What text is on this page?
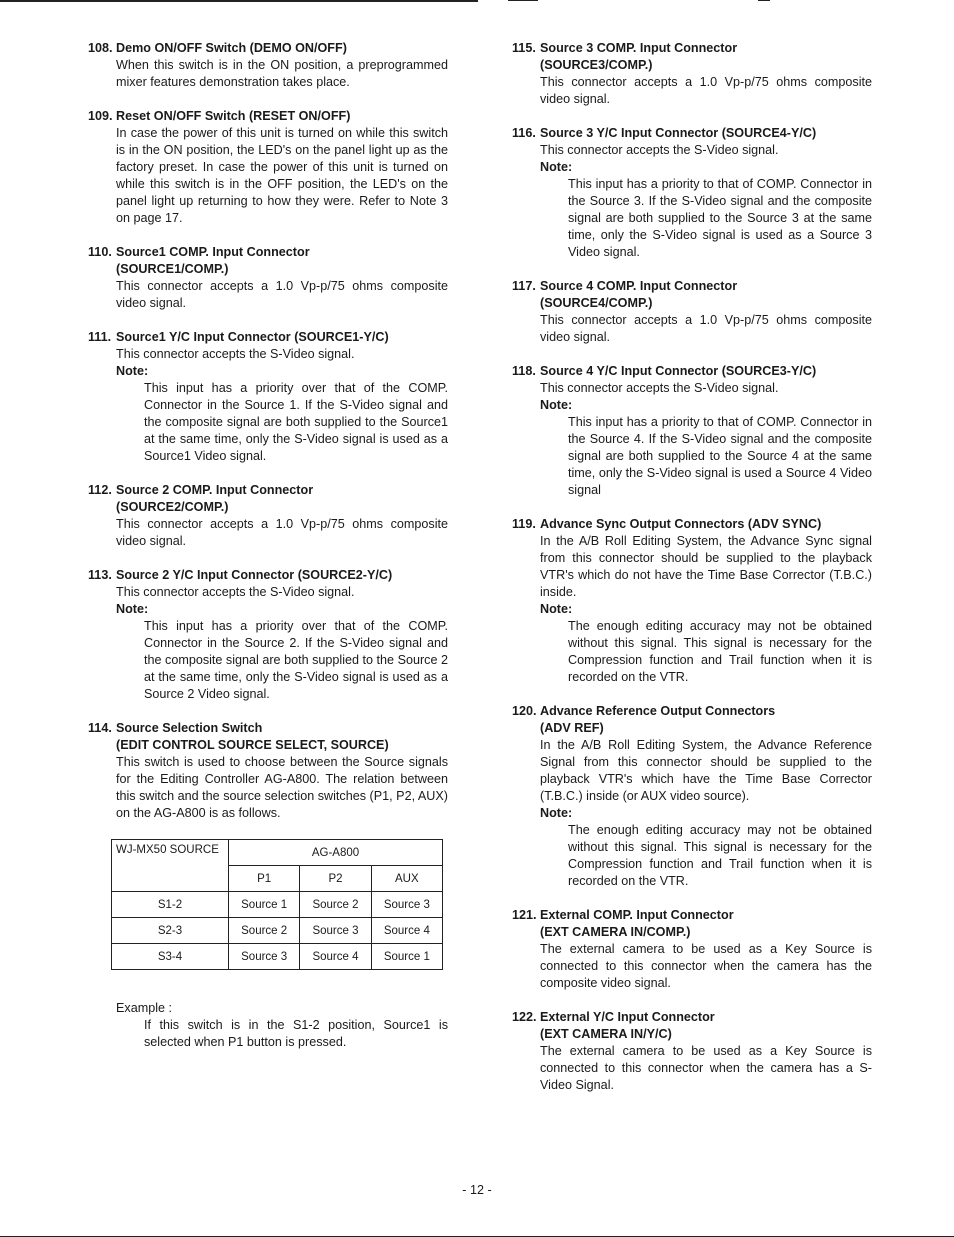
108. Demo ON/OFF Switch (DEMO ON/OFF)

When this switch is in the ON position, a preprogrammed mixer features demonstration takes place.

109. Reset ON/OFF Switch (RESET ON/OFF)

In case the power of this unit is turned on while this switch is in the ON position, the LED's on the panel light up as the factory preset. In case the power of this unit is turned on while this switch is in the OFF position, the LED's on the panel light up returning to how they were. Refer to Note 3 on page 17.

110. Source1 COMP. Input Connector
(SOURCE1/COMP.)

This connector accepts a 1.0 Vp-p/75 ohms composite video signal.

111. Source1 Y/C Input Connector (SOURCE1-Y/C)

This connector accepts the S-Video signal.

Note:

This input has a priority over that of the COMP. Connector in the Source 1. If the S-Video signal and the composite signal are both supplied to the Source1 at the same time, only the S-Video signal is used as a Source1 Video signal.

112. Source 2 COMP. Input Connector
(SOURCE2/COMP.)

This connector accepts a 1.0 Vp-p/75 ohms composite video signal.

113. Source 2 Y/C Input Connector (SOURCE2-Y/C)

This connector accepts the S-Video signal.

Note:

This input has a priority over that of the COMP. Connector in the Source 2. If the S-Video signal and the composite signal are both supplied to the Source 2 at the same time, only the S-Video signal is used as a Source 2 Video signal.

114. Source Selection Switch
(EDIT CONTROL SOURCE SELECT, SOURCE)

This switch is used to choose between the Source signals for the Editing Controller AG-A800. The relation between this switch and the source selection switches (P1, P2, AUX) on the AG-A800 is as follows.

WJ-MX50 SOURCE	AG-A800		
	P1	P2	AUX
S1-2	Source 1	Source 2	Source 3
S2-3	Source 2	Source 3	Source 4
S3-4	Source 3	Source 4	Source 1

Example :

If this switch is in the S1-2 position, Source1 is selected when P1 button is pressed.

115. Source 3 COMP. Input Connector
(SOURCE3/COMP.)

This connector accepts a 1.0 Vp-p/75 ohms composite video signal.

116. Source 3 Y/C Input Connector (SOURCE4-Y/C)

This connector accepts the S-Video signal.

Note:

This input has a priority to that of COMP. Connector in the Source 3. If the S-Video signal and the composite signal are both supplied to the Source 3 at the same time, only the S-Video signal is used as a Source 3 Video signal.

117. Source 4 COMP. Input Connector
(SOURCE4/COMP.)

This connector accepts a 1.0 Vp-p/75 ohms composite video signal.

118. Source 4 Y/C Input Connector (SOURCE3-Y/C)

This connector accepts the S-Video signal.

Note:

This input has a priority to that of COMP. Connector in the Source 4. If the S-Video signal and the composite signal are both supplied to the Source 4 at the same time, only the S-Video signal is used a Source 4 Video signal

119. Advance Sync Output Connectors (ADV SYNC)

In the A/B Roll Editing System, the Advance Sync signal from this connector should be supplied to the playback VTR's which do not have the Time Base Corrector (T.B.C.) inside.

Note:

The enough editing accuracy may not be obtained without this signal. This signal is necessary for the Compression function and Trail function when it is recorded on the VTR.

120. Advance Reference Output Connectors
(ADV REF)

In the A/B Roll Editing System, the Advance Reference Signal from this connector should be supplied to the playback VTR's which have the Time Base Corrector (T.B.C.) inside (or AUX video source).

Note:

The enough editing accuracy may not be obtained without this signal. This signal is necessary for the Compression function and Trail function when it is recorded on the VTR.

121. External COMP. Input Connector
(EXT CAMERA IN/COMP.)

The external camera to be used as a Key Source is connected to this connector when the camera has the composite video signal.

122. External Y/C Input Connector
(EXT CAMERA IN/Y/C)

The external camera to be used as a Key Source is connected to this connector when the camera has a S-Video Signal.

- 12 -
